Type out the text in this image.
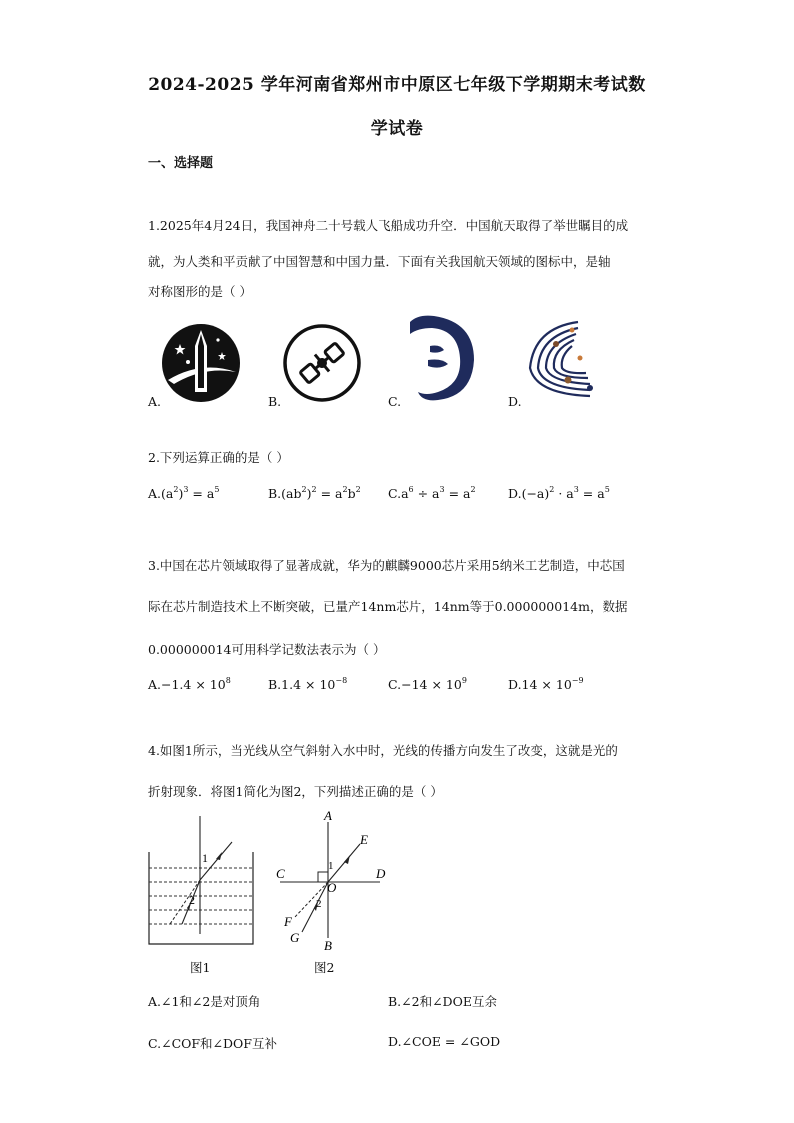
2024-2025 学年河南省郑州市中原区七年级下学期期末考试数
学试卷
一、选择题
1.2025年4月24日，我国神舟二十号载人飞船成功升空．中国航天取得了举世瞩目的成
就，为人类和平贡献了中国智慧和中国力量．下面有关我国航天领域的图标中，是轴
对称图形的是（ ）
A.	B.	C.	D.
2.下列运算正确的是（ ）
$A.(a^2)^3 = a^5$	$B.(ab^2)^2 = a^2b^2$ $C.a^6 \div a^3 = a^2$	$D.(-a)^2 \cdot a^3 = a^5$
3.中国在芯片领域取得了显著成就，华为的麒麟9000芯片采用5纳米工艺制造，中芯国
际在芯片制造技术上不断突破，已量产14nm芯片，14nm等于0.000000014m，数据
0.000000014可用科学记数法表示为（ ）
$A.-1.4 \times 10^8$	$B.1.4 \times 10^{-8}$	$C.-14 \times 10^9$	$D.14 \times 10^{-9}$
4.如图1所示，当光线从空气斜射入水中时，光线的传播方向发生了改变，这就是光的
折射现象．将图1简化为图2，下列描述正确的是（ ）
1
2
图1
A
B
C	D
E
F
G
O
1
2
图2
A.∠1和∠2是对顶角	B.∠2和∠DOE互余
C.∠COF和∠DOF互补	D.∠COE = ∠GOD
